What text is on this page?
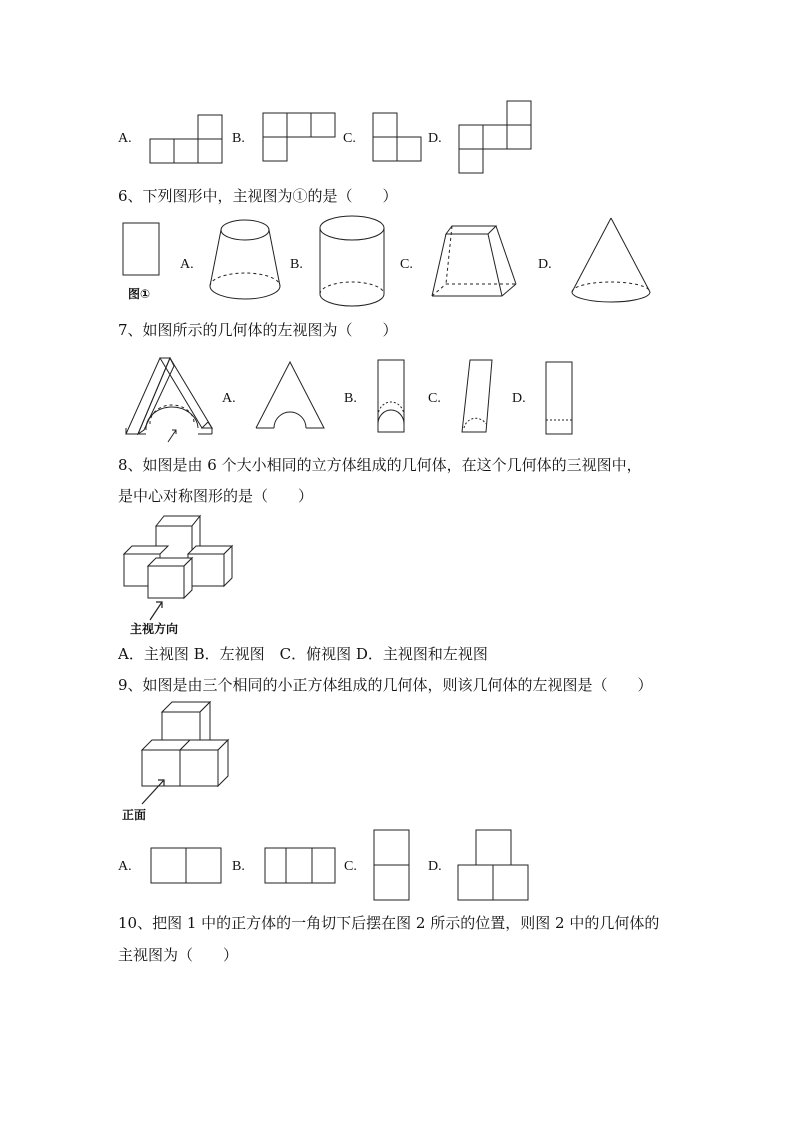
A.	B.	C.	D.
6、下列图形中，主视图为①的是（　　）
图①
A.	B.	C.	D.
7、如图所示的几何体的左视图为（　　）
A.	B.	C.	D.
8、如图是由 6 个大小相同的立方体组成的几何体，在这个几何体的三视图中，
是中心对称图形的是（　　）
主视方向
A．主视图 B．左视图　C．俯视图 D．主视图和左视图
9、如图是由三个相同的小正方体组成的几何体，则该几何体的左视图是（　　）
正面
A.	B.	C.	D.
10、把图 1 中的正方体的一角切下后摆在图 2 所示的位置，则图 2 中的几何体的
主视图为（　　）
